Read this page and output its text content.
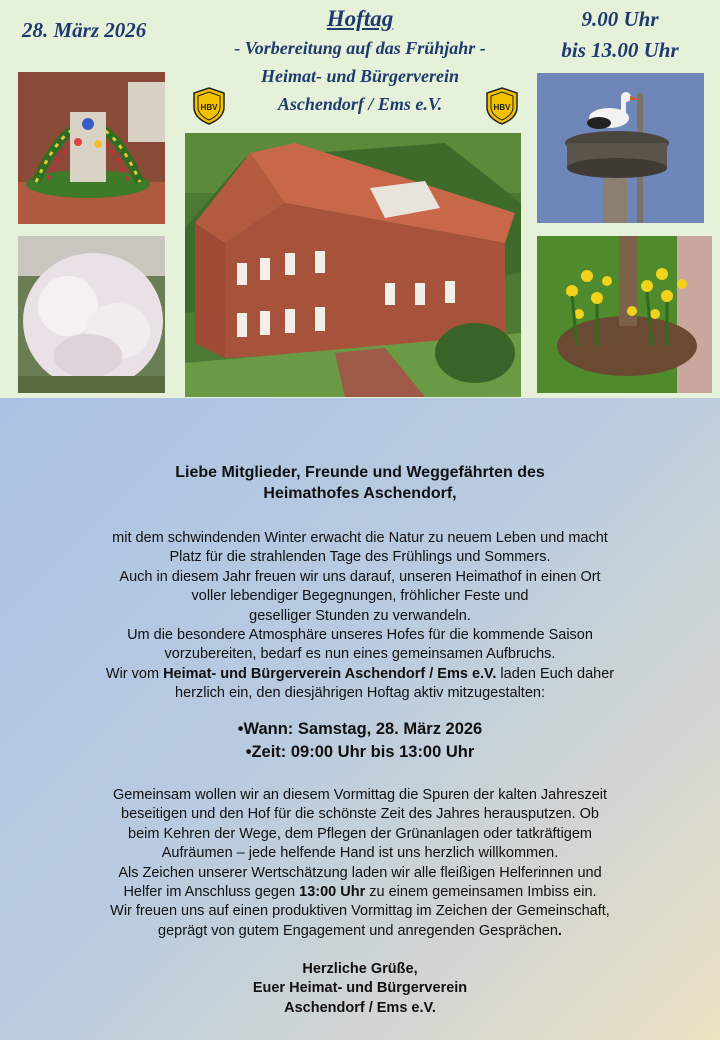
28. März 2026	9.00 Uhr
bis 13.00 Uhr
Hoftag
- Vorbereitung auf das Frühjahr -
Heimat- und Bürgerverein
Aschendorf / Ems e.V.
HBV	HBV
Liebe Mitglieder, Freunde und Weggefährten des
Heimathofes Aschendorf,
mit dem schwindenden Winter erwacht die Natur zu neuem Leben und macht
Platz für die strahlenden Tage des Frühlings und Sommers.
Auch in diesem Jahr freuen wir uns darauf, unseren Heimathof in einen Ort
voller lebendiger Begegnungen, fröhlicher Feste und
geselliger Stunden zu verwandeln.
Um die besondere Atmosphäre unseres Hofes für die kommende Saison
vorzubereiten, bedarf es nun eines gemeinsamen Aufbruchs.
Wir vom Heimat- und Bürgerverein Aschendorf / Ems e.V. laden Euch daher
herzlich ein, den diesjährigen Hoftag aktiv mitzugestalten:
•Wann: Samstag, 28. März 2026
•Zeit: 09:00 Uhr bis 13:00 Uhr
Gemeinsam wollen wir an diesem Vormittag die Spuren der kalten Jahreszeit
beseitigen und den Hof für die schönste Zeit des Jahres herausputzen. Ob
beim Kehren der Wege, dem Pflegen der Grünanlagen oder tatkräftigem
Aufräumen – jede helfende Hand ist uns herzlich willkommen.
Als Zeichen unserer Wertschätzung laden wir alle fleißigen Helferinnen und
Helfer im Anschluss gegen 13:00 Uhr zu einem gemeinsamen Imbiss ein.
Wir freuen uns auf einen produktiven Vormittag im Zeichen der Gemeinschaft,
geprägt von gutem Engagement und anregenden Gesprächen.
Herzliche Grüße,
Euer Heimat- und Bürgerverein
Aschendorf / Ems e.V.
